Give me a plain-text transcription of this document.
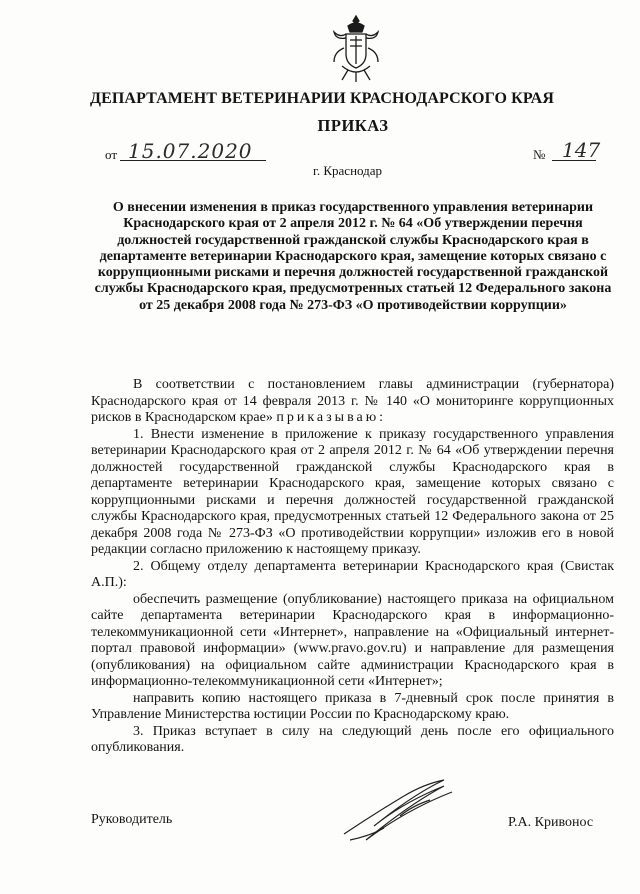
ДЕПАРТАМЕНТ ВЕТЕРИНАРИИ КРАСНОДАРСКОГО КРАЯ
ПРИКАЗ
от 15.07.2020	№ 147
г. Краснодар
О внесении изменения в приказ государственного управления ветеринарии Краснодарского края от 2 апреля 2012 г. № 64 «Об утверждении перечня должностей государственной гражданской службы Краснодарского края в департаменте ветеринарии Краснодарского края, замещение которых связано с коррупционными рисками и перечня должностей государственной гражданской службы Краснодарского края, предусмотренных статьей 12 Федерального закона от 25 декабря 2008 года № 273-ФЗ «О противодействии коррупции»

В соответствии с постановлением главы администрации (губернатора) Краснодарского края от 14 февраля 2013 г. № 140 «О мониторинге коррупционных рисков в Краснодарском крае» приказываю:

1. Внести изменение в приложение к приказу государственного управления ветеринарии Краснодарского края от 2 апреля 2012 г. № 64 «Об утверждении перечня должностей государственной гражданской службы Краснодарского края в департаменте ветеринарии Краснодарского края, замещение которых связано с коррупционными рисками и перечня должностей государственной гражданской службы Краснодарского края, предусмотренных статьей 12 Федерального закона от 25 декабря 2008 года № 273-ФЗ «О противодействии коррупции» изложив его в новой редакции согласно приложению к настоящему приказу.

2. Общему отделу департамента ветеринарии Краснодарского края (Свистак А.П.):

обеспечить размещение (опубликование) настоящего приказа на официальном сайте департамента ветеринарии Краснодарского края в информационно-телекоммуникационной сети «Интернет», направление на «Официальный интернет-портал правовой информации» (www.pravo.gov.ru) и направление для размещения (опубликования) на официальном сайте администрации Краснодарского края в информационно-телекоммуникационной сети «Интернет»;

направить копию настоящего приказа в 7-дневный срок после принятия в Управление Министерства юстиции России по Краснодарскому краю.

3. Приказ вступает в силу на следующий день после его официального опубликования.

Руководитель	Р.А. Кривонос
